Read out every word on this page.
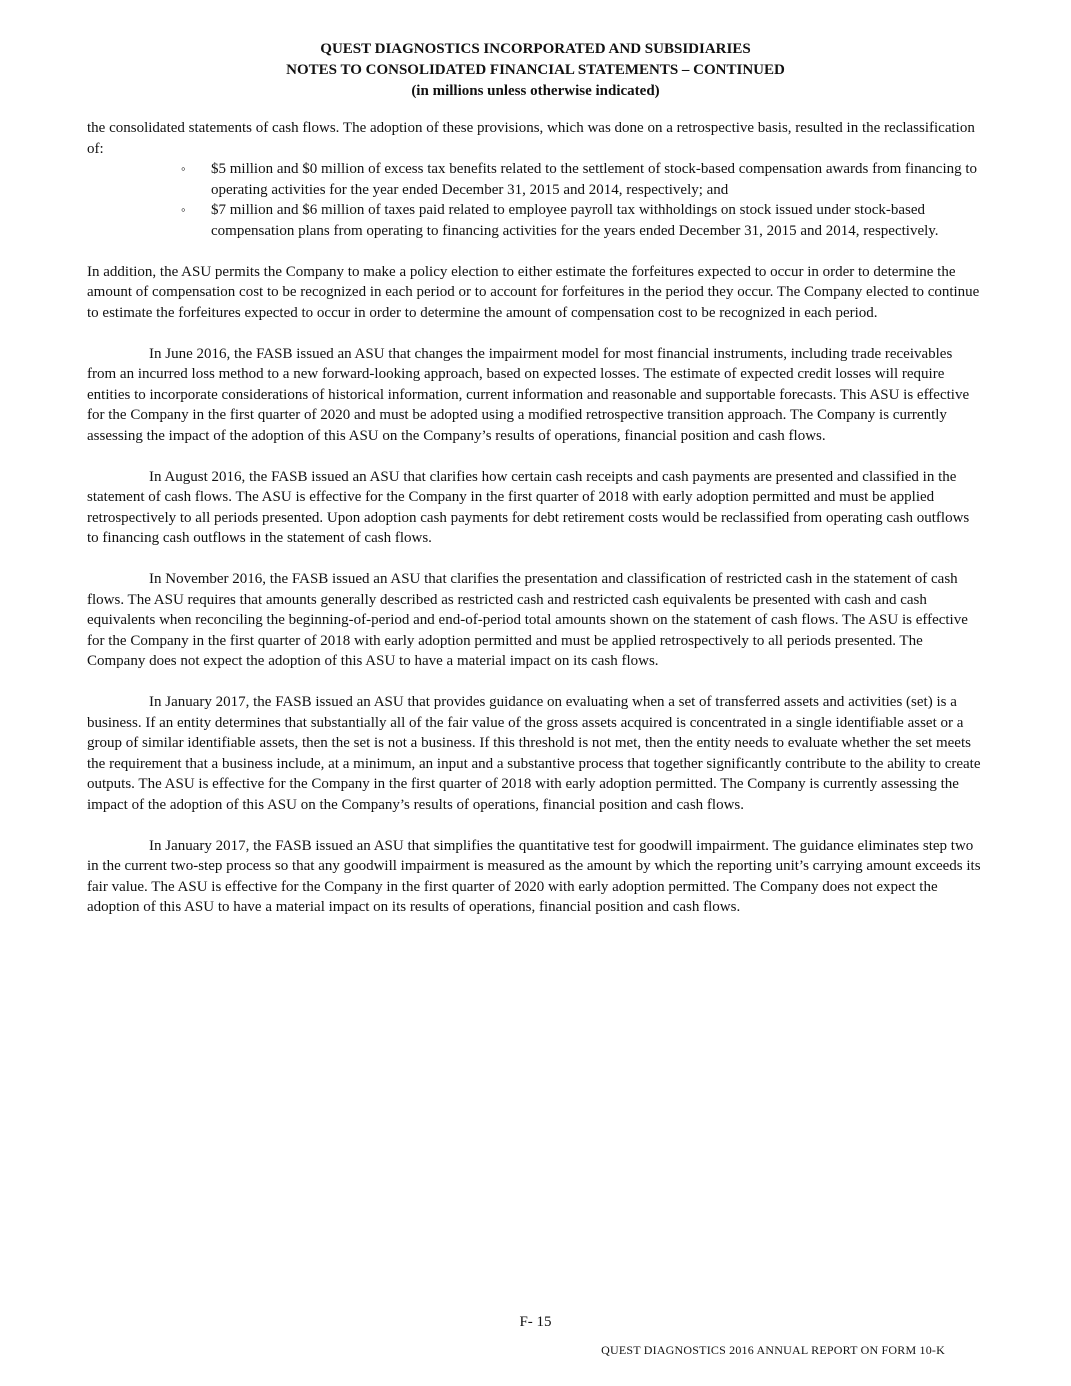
QUEST DIAGNOSTICS INCORPORATED AND SUBSIDIARIES
NOTES TO CONSOLIDATED FINANCIAL STATEMENTS – CONTINUED
(in millions unless otherwise indicated)

the consolidated statements of cash flows. The adoption of these provisions, which was done on a retrospective basis, resulted in the reclassification of:

◦ $5 million and $0 million of excess tax benefits related to the settlement of stock-based compensation awards from financing to operating activities for the year ended December 31, 2015 and 2014, respectively; and
◦ $7 million and $6 million of taxes paid related to employee payroll tax withholdings on stock issued under stock-based compensation plans from operating to financing activities for the years ended December 31, 2015 and 2014, respectively.

In addition, the ASU permits the Company to make a policy election to either estimate the forfeitures expected to occur in order to determine the amount of compensation cost to be recognized in each period or to account for forfeitures in the period they occur. The Company elected to continue to estimate the forfeitures expected to occur in order to determine the amount of compensation cost to be recognized in each period.

In June 2016, the FASB issued an ASU that changes the impairment model for most financial instruments, including trade receivables from an incurred loss method to a new forward-looking approach, based on expected losses. The estimate of expected credit losses will require entities to incorporate considerations of historical information, current information and reasonable and supportable forecasts. This ASU is effective for the Company in the first quarter of 2020 and must be adopted using a modified retrospective transition approach. The Company is currently assessing the impact of the adoption of this ASU on the Company’s results of operations, financial position and cash flows.

In August 2016, the FASB issued an ASU that clarifies how certain cash receipts and cash payments are presented and classified in the statement of cash flows. The ASU is effective for the Company in the first quarter of 2018 with early adoption permitted and must be applied retrospectively to all periods presented. Upon adoption cash payments for debt retirement costs would be reclassified from operating cash outflows to financing cash outflows in the statement of cash flows.

In November 2016, the FASB issued an ASU that clarifies the presentation and classification of restricted cash in the statement of cash flows. The ASU requires that amounts generally described as restricted cash and restricted cash equivalents be presented with cash and cash equivalents when reconciling the beginning-of-period and end-of-period total amounts shown on the statement of cash flows. The ASU is effective for the Company in the first quarter of 2018 with early adoption permitted and must be applied retrospectively to all periods presented. The Company does not expect the adoption of this ASU to have a material impact on its cash flows.

In January 2017, the FASB issued an ASU that provides guidance on evaluating when a set of transferred assets and activities (set) is a business. If an entity determines that substantially all of the fair value of the gross assets acquired is concentrated in a single identifiable asset or a group of similar identifiable assets, then the set is not a business. If this threshold is not met, then the entity needs to evaluate whether the set meets the requirement that a business include, at a minimum, an input and a substantive process that together significantly contribute to the ability to create outputs. The ASU is effective for the Company in the first quarter of 2018 with early adoption permitted. The Company is currently assessing the impact of the adoption of this ASU on the Company’s results of operations, financial position and cash flows.

In January 2017, the FASB issued an ASU that simplifies the quantitative test for goodwill impairment. The guidance eliminates step two in the current two-step process so that any goodwill impairment is measured as the amount by which the reporting unit’s carrying amount exceeds its fair value. The ASU is effective for the Company in the first quarter of 2020 with early adoption permitted. The Company does not expect the adoption of this ASU to have a material impact on its results of operations, financial position and cash flows.

F- 15
QUEST DIAGNOSTICS 2016 ANNUAL REPORT ON FORM 10-K
